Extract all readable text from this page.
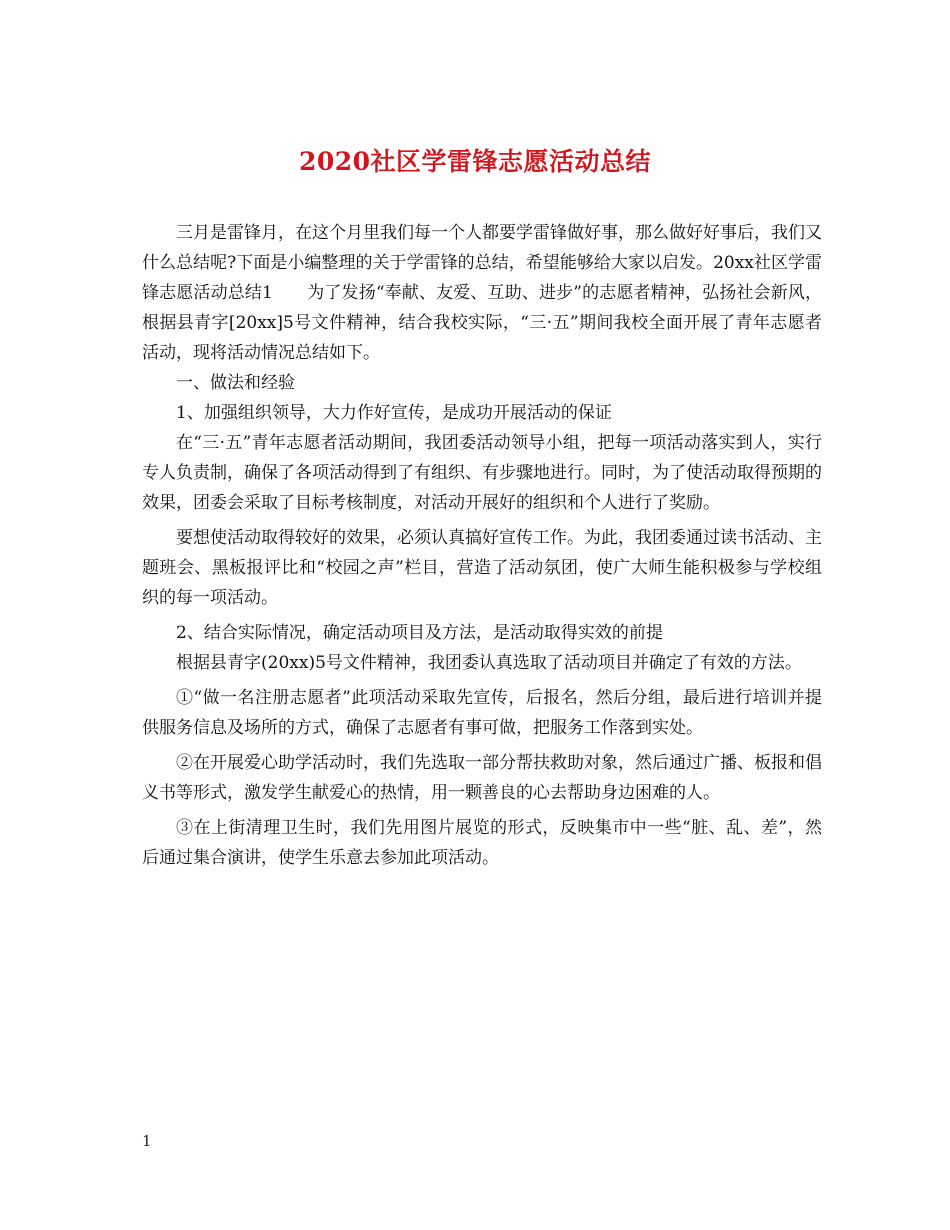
2020社区学雷锋志愿活动总结

三月是雷锋月，在这个月里我们每一个人都要学雷锋做好事，那么做好好事后，我们又什么总结呢?下面是小编整理的关于学雷锋的总结，希望能够给大家以启发。20xx社区学雷锋志愿活动总结1　　为了发扬“奉献、友爱、互助、进步”的志愿者精神，弘扬社会新风，根据县青字[20xx]5号文件精神，结合我校实际，“三·五”期间我校全面开展了青年志愿者活动，现将活动情况总结如下。

一、做法和经验

1、加强组织领导，大力作好宣传，是成功开展活动的保证

在“三·五”青年志愿者活动期间，我团委活动领导小组，把每一项活动落实到人，实行专人负责制，确保了各项活动得到了有组织、有步骤地进行。同时，为了使活动取得预期的效果，团委会采取了目标考核制度，对活动开展好的组织和个人进行了奖励。

要想使活动取得较好的效果，必须认真搞好宣传工作。为此，我团委通过读书活动、主题班会、黑板报评比和“校园之声”栏目，营造了活动氛团，使广大师生能积极参与学校组织的每一项活动。

2、结合实际情况，确定活动项目及方法，是活动取得实效的前提

根据县青字(20xx)5号文件精神，我团委认真选取了活动项目并确定了有效的方法。

①“做一名注册志愿者”此项活动采取先宣传，后报名，然后分组，最后进行培训并提供服务信息及场所的方式，确保了志愿者有事可做，把服务工作落到实处。

②在开展爱心助学活动时，我们先选取一部分帮扶救助对象，然后通过广播、板报和倡义书等形式，激发学生献爱心的热情，用一颗善良的心去帮助身边困难的人。

③在上街清理卫生时，我们先用图片展览的形式，反映集市中一些“脏、乱、差”，然后通过集合演讲，使学生乐意去参加此项活动。

1
